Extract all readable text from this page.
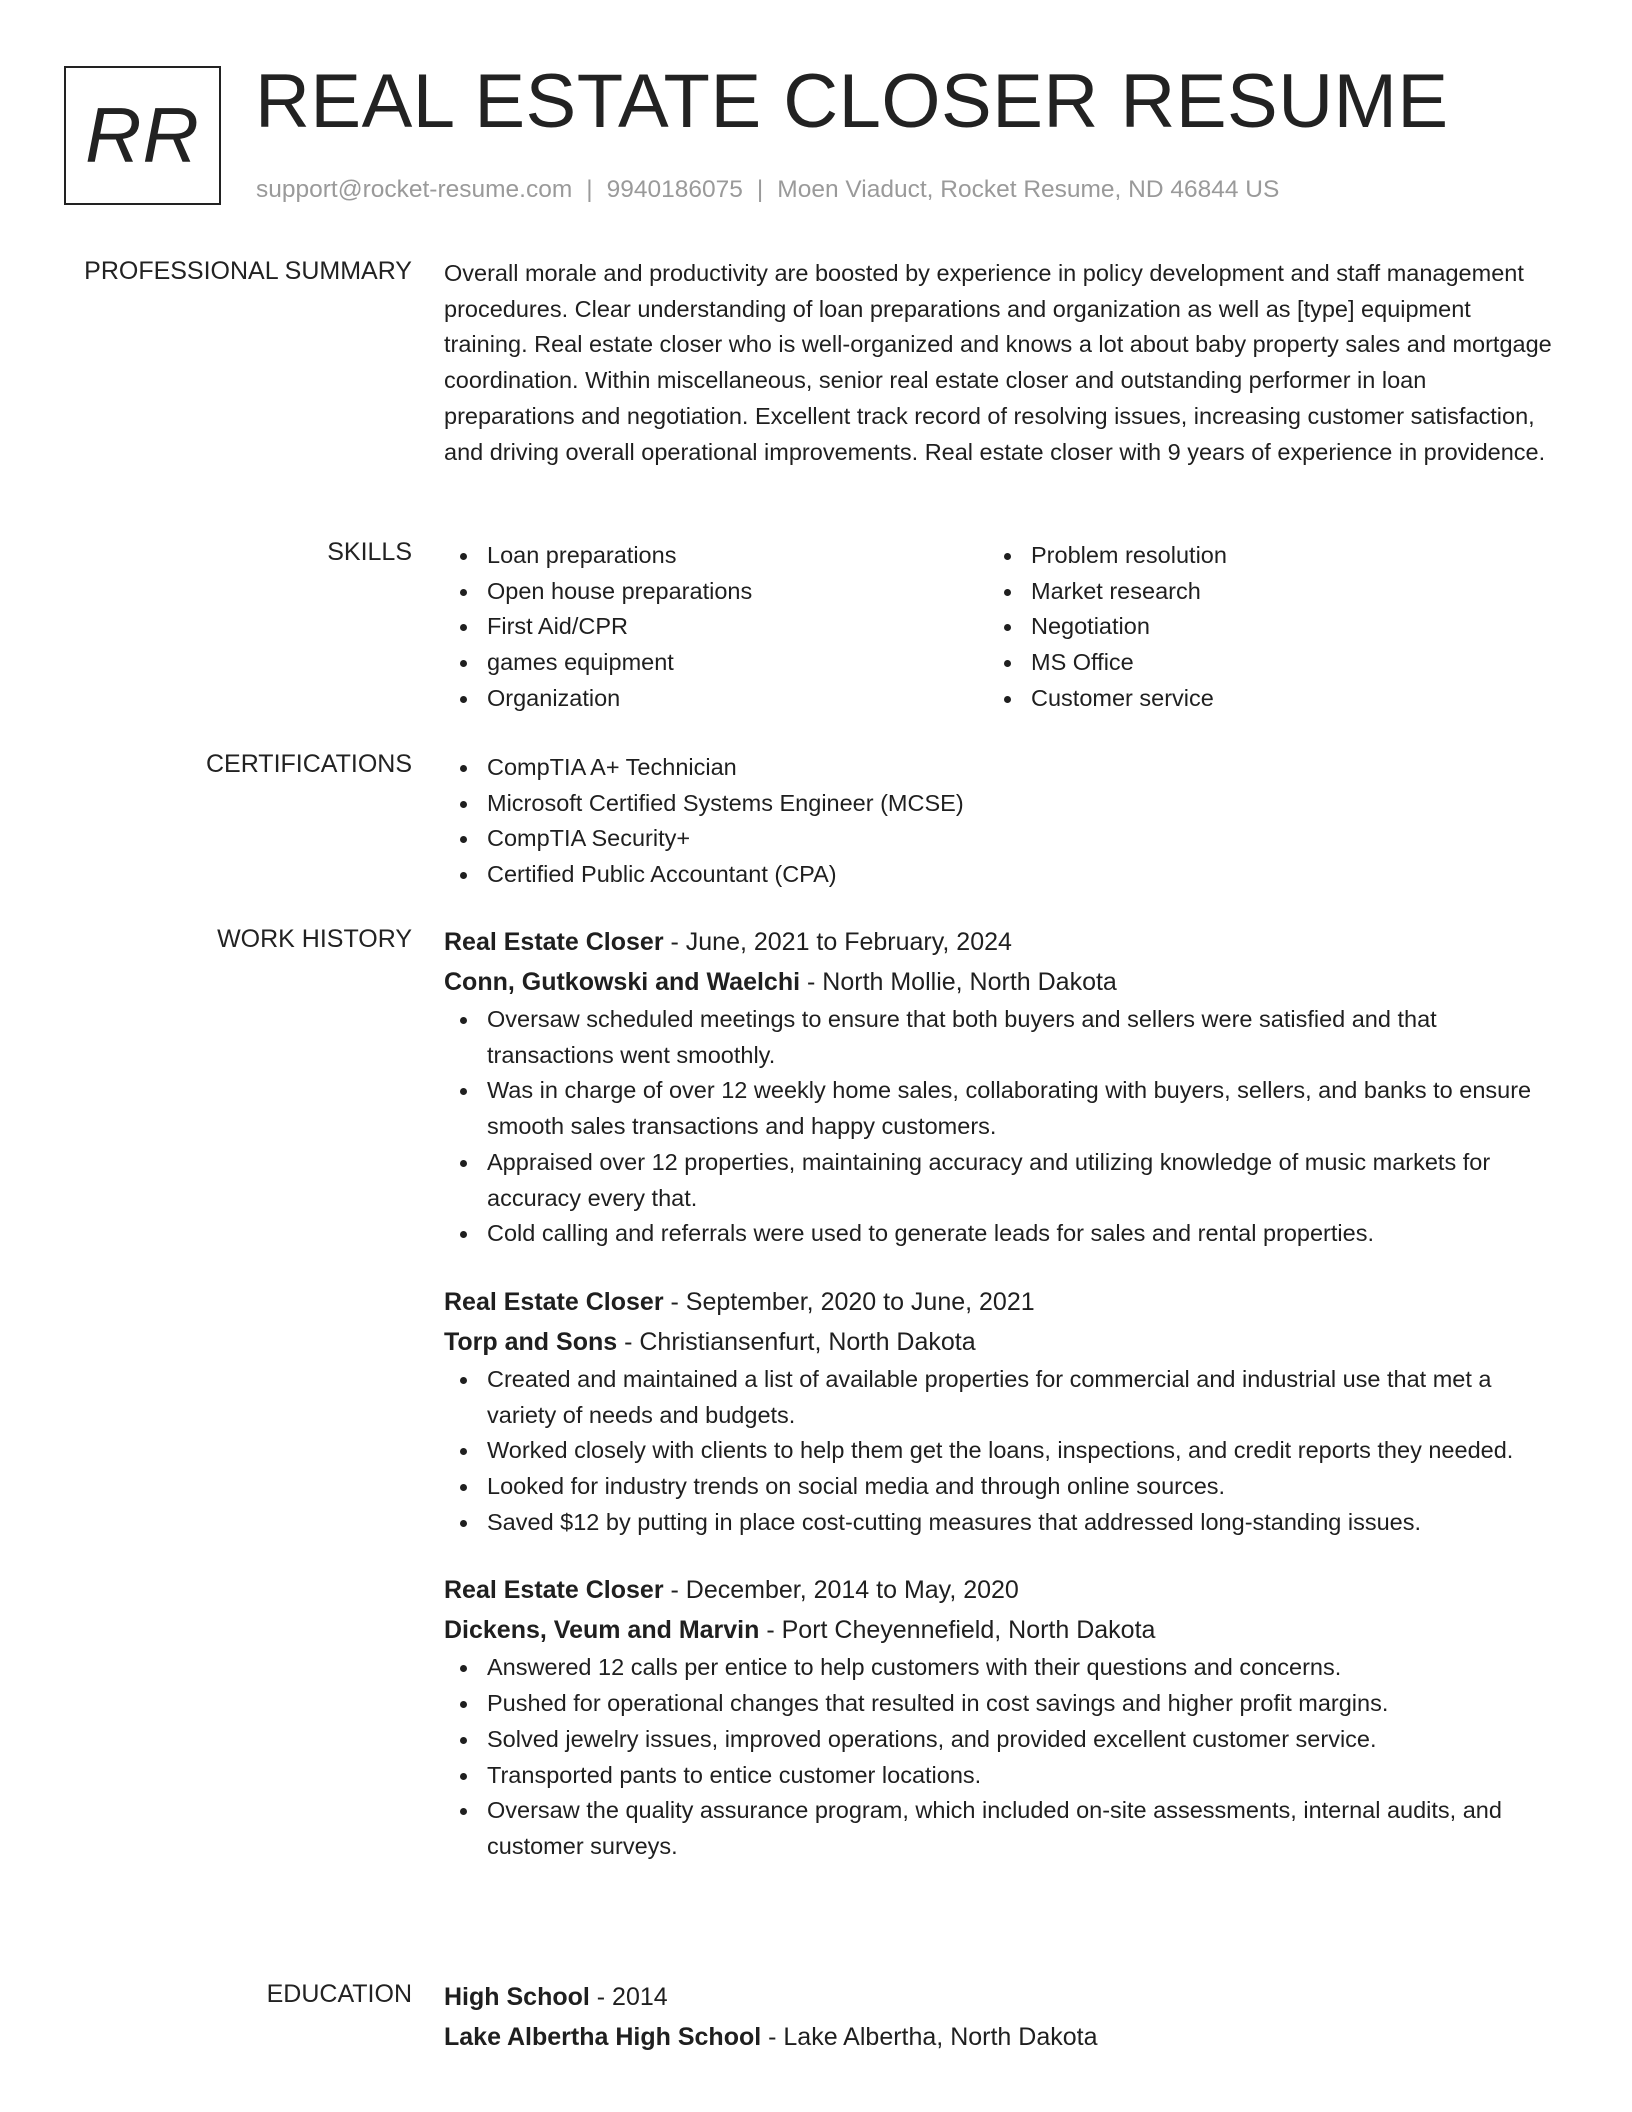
RR REAL ESTATE CLOSER RESUME
support@rocket-resume.com | 9940186075 | Moen Viaduct, Rocket Resume, ND 46844 US
PROFESSIONAL SUMMARY Overall morale and productivity are boosted by experience in policy development and staff management procedures. Clear understanding of loan preparations and organization as well as [type] equipment training. Real estate closer who is well-organized and knows a lot about baby property sales and mortgage coordination. Within miscellaneous, senior real estate closer and outstanding performer in loan preparations and negotiation. Excellent track record of resolving issues, increasing customer satisfaction, and driving overall operational improvements. Real estate closer with 9 years of experience in providence.
SKILLS	Loan preparations
Open house preparations
First Aid/CPR
games equipment
Organization
Problem resolution
Market research
Negotiation
MS Office
Customer service
CERTIFICATIONS	CompTIA A+ Technician
Microsoft Certified Systems Engineer (MCSE)
CompTIA Security+
Certified Public Accountant (CPA)
WORK HISTORY Real Estate Closer - June, 2021 to February, 2024
Conn, Gutkowski and Waelchi - North Mollie, North Dakota
Oversaw scheduled meetings to ensure that both buyers and sellers were satisfied and that transactions went smoothly.
Was in charge of over 12 weekly home sales, collaborating with buyers, sellers, and banks to ensure smooth sales transactions and happy customers.
Appraised over 12 properties, maintaining accuracy and utilizing knowledge of music markets for accuracy every that.
Cold calling and referrals were used to generate leads for sales and rental properties.
Real Estate Closer - September, 2020 to June, 2021
Torp and Sons - Christiansenfurt, North Dakota
Created and maintained a list of available properties for commercial and industrial use that met a variety of needs and budgets.
Worked closely with clients to help them get the loans, inspections, and credit reports they needed.
Looked for industry trends on social media and through online sources.
Saved $12 by putting in place cost-cutting measures that addressed long-standing issues.
Real Estate Closer - December, 2014 to May, 2020
Dickens, Veum and Marvin - Port Cheyennefield, North Dakota
Answered 12 calls per entice to help customers with their questions and concerns.
Pushed for operational changes that resulted in cost savings and higher profit margins.
Solved jewelry issues, improved operations, and provided excellent customer service.
Transported pants to entice customer locations.
Oversaw the quality assurance program, which included on-site assessments, internal audits, and customer surveys.
EDUCATION High School - 2014
Lake Albertha High School - Lake Albertha, North Dakota
